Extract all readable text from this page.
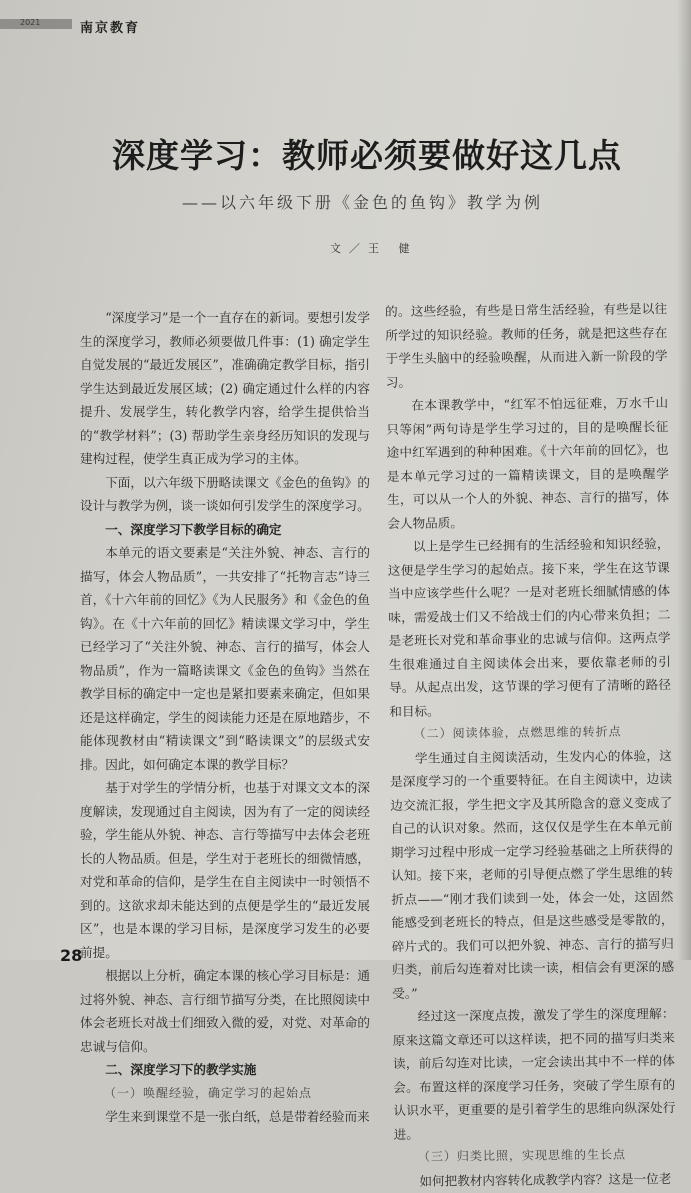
2021	南京教育
深度学习：教师必须要做好这几点
——以六年级下册《金色的鱼钩》教学为例
文／王 健

“深度学习”是一个一直存在的新词。要想引发学生的深度学习，教师必须要做几件事：(1) 确定学生自觉发展的“最近发展区”，准确确定教学目标，指引学生达到最近发展区域；(2) 确定通过什么样的内容提升、发展学生，转化教学内容，给学生提供恰当的“教学材料”；(3) 帮助学生亲身经历知识的发现与建构过程，使学生真正成为学习的主体。

下面，以六年级下册略读课文《金色的鱼钩》的设计与教学为例，谈一谈如何引发学生的深度学习。

一、深度学习下教学目标的确定

本单元的语文要素是“关注外貌、神态、言行的描写，体会人物品质”，一共安排了“托物言志”诗三首，《十六年前的回忆》《为人民服务》和《金色的鱼钩》。在《十六年前的回忆》精读课文学习中，学生已经学习了“关注外貌、神态、言行的描写，体会人物品质”，作为一篇略读课文《金色的鱼钩》当然在教学目标的确定中一定也是紧扣要素来确定，但如果还是这样确定，学生的阅读能力还是在原地踏步，不能体现教材由“精读课文”到“略读课文”的层级式安排。因此，如何确定本课的教学目标？

基于对学生的学情分析，也基于对课文文本的深度解读，发现通过自主阅读，因为有了一定的阅读经验，学生能从外貌、神态、言行等描写中去体会老班长的人物品质。但是，学生对于老班长的细微情感，对党和革命的信仰，是学生在自主阅读中一时领悟不到的。这欲求却未能达到的点便是学生的“最近发展区”，也是本课的学习目标，是深度学习发生的必要前提。

根据以上分析，确定本课的核心学习目标是：通过将外貌、神态、言行细节描写分类，在比照阅读中体会老班长对战士们细致入微的爱，对党、对革命的忠诚与信仰。

二、深度学习下的教学实施
（一）唤醒经验，确定学习的起始点

学生来到课堂不是一张白纸，总是带着经验而来

的。这些经验，有些是日常生活经验，有些是以往所学过的知识经验。教师的任务，就是把这些存在于学生头脑中的经验唤醒，从而进入新一阶段的学习。

在本课教学中，“红军不怕远征难，万水千山只等闲”两句诗是学生学习过的，目的是唤醒长征途中红军遇到的种种困难。《十六年前的回忆》，也是本单元学习过的一篇精读课文，目的是唤醒学生，可以从一个人的外貌、神态、言行的描写，体会人物品质。

以上是学生已经拥有的生活经验和知识经验，这便是学生学习的起始点。接下来，学生在这节课当中应该学些什么呢？一是对老班长细腻情感的体味，需爱战士们又不给战士们的内心带来负担；二是老班长对党和革命事业的忠诚与信仰。这两点学生很难通过自主阅读体会出来，要依靠老师的引导。从起点出发，这节课的学习便有了清晰的路径和目标。

（二）阅读体验，点燃思维的转折点

学生通过自主阅读活动，生发内心的体验，这是深度学习的一个重要特征。在自主阅读中，边读边交流汇报，学生把文字及其所隐含的意义变成了自己的认识对象。然而，这仅仅是学生在本单元前期学习过程中形成一定学习经验基础之上所获得的认知。接下来，老师的引导便点燃了学生思维的转折点——“刚才我们读到一处，体会一处，这固然能感受到老班长的特点，但是这些感受是零散的，碎片式的。我们可以把外貌、神态、言行的描写归归类，前后勾连着对比读一读，相信会有更深的感受。”

经过这一深度点拨，激发了学生的深度理解：原来这篇文章还可以这样读，把不同的描写归类来读，前后勾连对比读，一定会读出其中不一样的体会。布置这样的深度学习任务，突破了学生原有的认识水平，更重要的是引着学生的思维向纵深处行进。

（三）归类比照，实现思维的生长点

如何把教材内容转化成教学内容？这是一位老

28
